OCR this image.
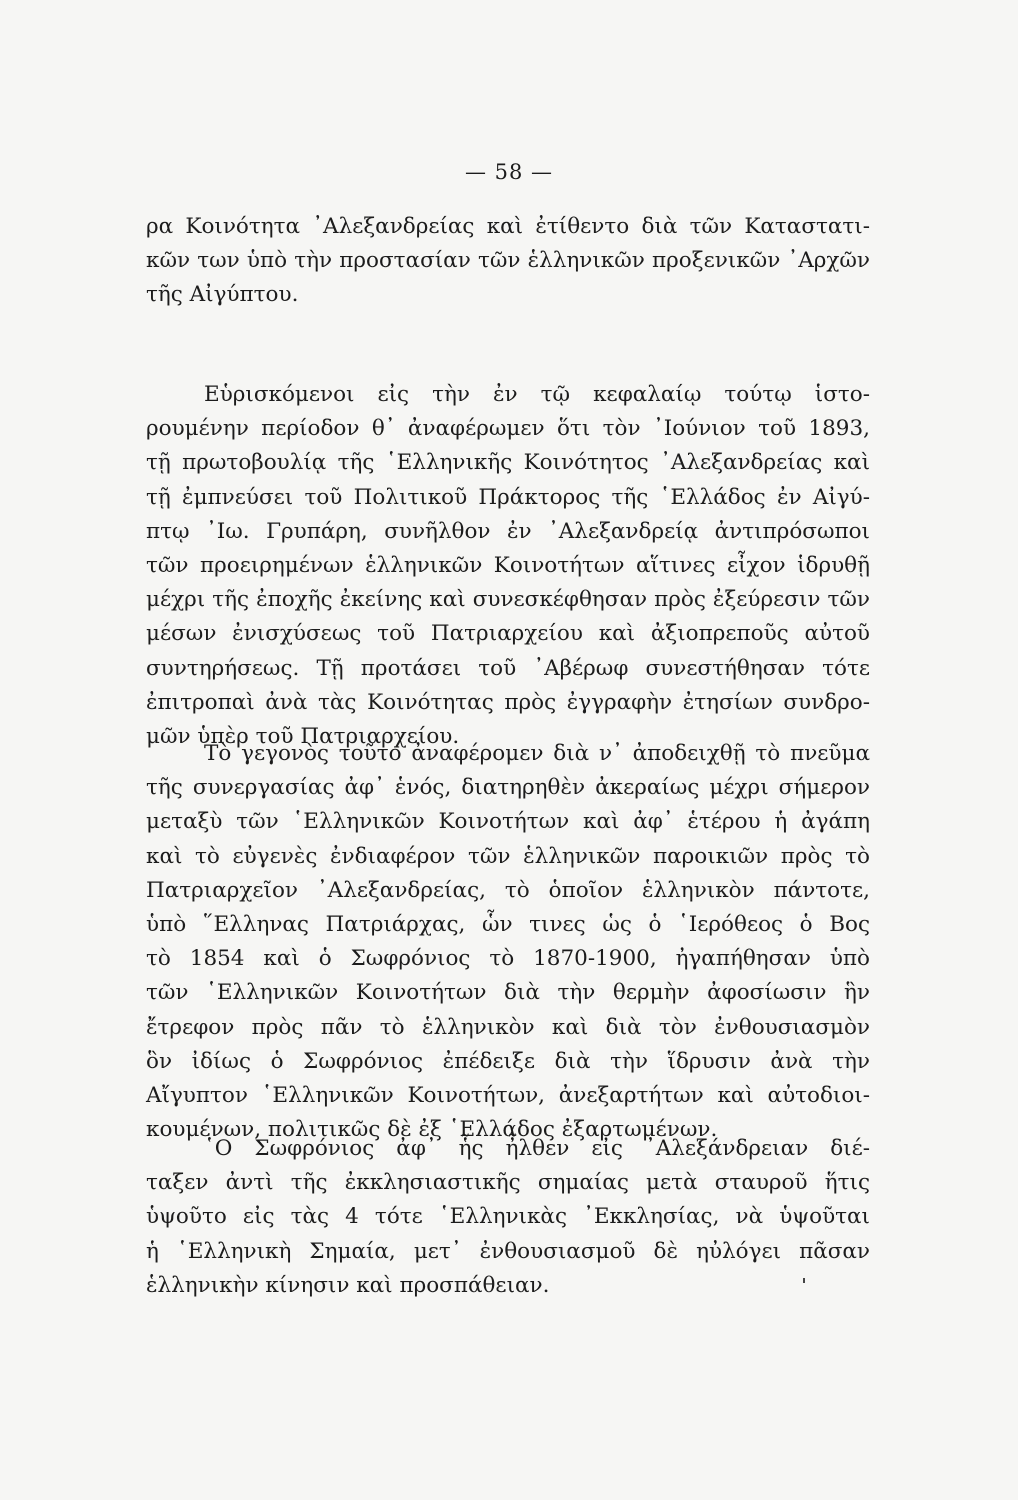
— 58 —
ρα Κοινότητα ᾽Αλεξανδρείας καὶ ἐτίθεντο διὰ τῶν Καταστατι-
κῶν των ὑπὸ τὴν προστασίαν τῶν ἑλληνικῶν προξενικῶν ᾽Αρχῶν
τῆς Αἰγύπτου.
Εὑρισκόμενοι εἰς τὴν ἐν τῷ κεφαλαίῳ τούτῳ ἱστο-
ρουμένην περίοδον θ᾽ ἀναφέρωμεν ὅτι τὸν ᾽Ιούνιον τοῦ 1893,
τῇ πρωτοβουλίᾳ τῆς ῾Ελληνικῆς Κοινότητος ᾽Αλεξανδρείας καὶ
τῇ ἐμπνεύσει τοῦ Πολιτικοῦ Πράκτορος τῆς ῾Ελλάδος ἐν Αἰγύ-
πτῳ ᾽Ιω. Γρυπάρη, συνῆλθον ἐν ᾽Αλεξανδρείᾳ ἀντιπρόσωποι
τῶν προειρημένων ἑλληνικῶν Κοινοτήτων αἵτινες εἶχον ἱδρυθῇ
μέχρι τῆς ἐποχῆς ἐκείνης καὶ συνεσκέφθησαν πρὸς ἐξεύρεσιν τῶν
μέσων ἐνισχύσεως τοῦ Πατριαρχείου καὶ ἀξιοπρεποῦς αὐτοῦ
συντηρήσεως. Τῇ προτάσει τοῦ ᾽Αβέρωφ συνεστήθησαν τότε
ἐπιτροπαὶ ἀνὰ τὰς Κοινότητας πρὸς ἐγγραφὴν ἐτησίων συνδρο-
μῶν ὑπὲρ τοῦ Πατριαρχείου.
Τὸ γεγονὸς τοῦτο ἀναφέρομεν διὰ ν᾽ ἀποδειχθῇ τὸ πνεῦμα
τῆς συνεργασίας ἀφ᾽ ἑνός, διατηρηθὲν ἀκεραίως μέχρι σήμερον
μεταξὺ τῶν ῾Ελληνικῶν Κοινοτήτων καὶ ἀφ᾽ ἑτέρου ἡ ἀγάπη
καὶ τὸ εὐγενὲς ἐνδιαφέρον τῶν ἑλληνικῶν παροικιῶν πρὸς τὸ
Πατριαρχεῖον ᾽Αλεξανδρείας, τὸ ὁποῖον ἑλληνικὸν πάντοτε,
ὑπὸ ῞Ελληνας Πατριάρχας, ὧν τινες ὡς ὁ ῾Ιερόθεος ὁ Βος
τὸ 1854 καὶ ὁ Σωφρόνιος τὸ 1870-1900, ἠγαπήθησαν ὑπὸ
τῶν ῾Ελληνικῶν Κοινοτήτων διὰ τὴν θερμὴν ἀφοσίωσιν ἣν
ἔτρεφον πρὸς πᾶν τὸ ἑλληνικὸν καὶ διὰ τὸν ἐνθουσιασμὸν
ὃν ἰδίως ὁ Σωφρόνιος ἐπέδειξε διὰ τὴν ἵδρυσιν ἀνὰ τὴν
Αἴγυπτον ῾Ελληνικῶν Κοινοτήτων, ἀνεξαρτήτων καὶ αὐτοδιοι-
κουμένων, πολιτικῶς δὲ ἐξ ῾Ελλάδος ἐξαρτωμένων.
῾Ο Σωφρόνιος ἀφ᾽ ἧς ἦλθεν εἰς ᾽Αλεξάνδρειαν διέ-
ταξεν ἀντὶ τῆς ἐκκλησιαστικῆς σημαίας μετὰ σταυροῦ ἥτις
ὑψοῦτο εἰς τὰς 4 τότε ῾Ελληνικὰς ᾽Εκκλησίας, νὰ ὑψοῦται
ἡ ῾Ελληνικὴ Σημαία, μετ᾽ ἐνθουσιασμοῦ δὲ ηὐλόγει πᾶσαν
ἑλληνικὴν κίνησιν καὶ προσπάθειαν.
